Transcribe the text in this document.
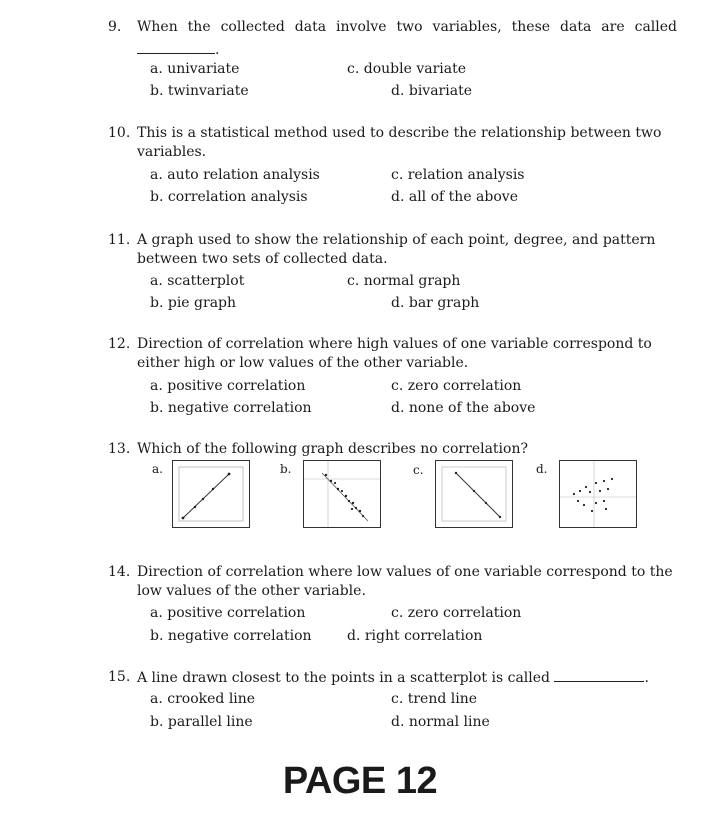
9. When the collected data involve two variables, these data are called
.
a. univariate	c. double variate
b. twinvariate	d. bivariate
10. This is a statistical method used to describe the relationship between two variables.
a. auto relation analysis	c. relation analysis
b. correlation analysis	d. all of the above
11. A graph used to show the relationship of each point, degree, and pattern between two sets of collected data.
a. scatterplot	c. normal graph
b. pie graph	d. bar graph
12. Direction of correlation where high values of one variable correspond to either high or low values of the other variable.
a. positive correlation	c. zero correlation
b. negative correlation	d. none of the above
13. Which of the following graph describes no correlation?
a.	b.	c.	d.
14. Direction of correlation where low values of one variable correspond to the low values of the other variable.
a. positive correlation	c. zero correlation
b. negative correlation	d. right correlation
15. A line drawn closest to the points in a scatterplot is called	.
a. crooked line	c. trend line
b. parallel line	d. normal line
PAGE 12
